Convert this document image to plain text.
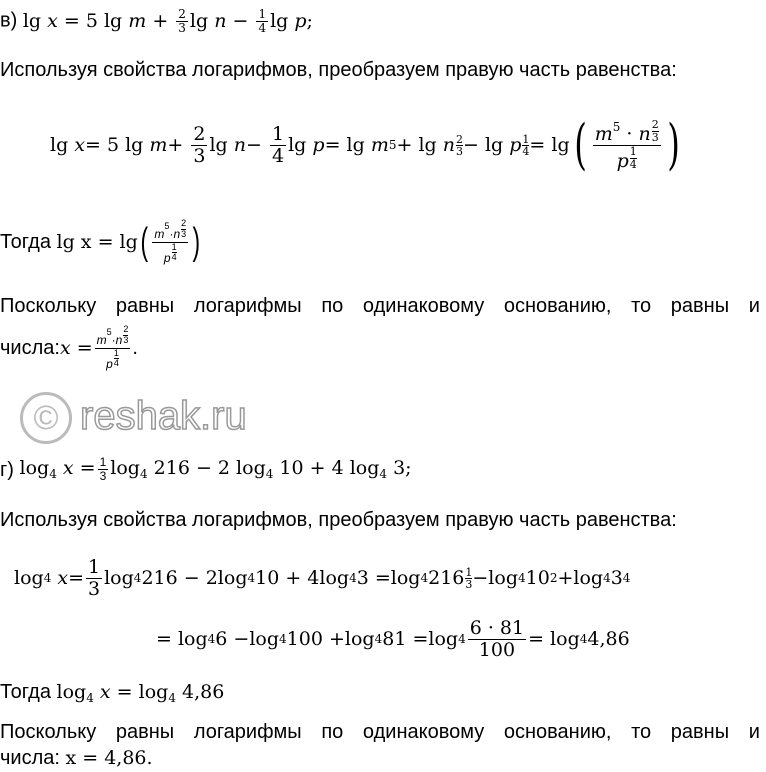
в) lg x = 5 $\lg m + \frac{2}{3}$ $\lg n - \frac{1}{4}$ lg p;
Используя свойства логарифмов, преобразуем правую часть равенства:
lg
x = 5 lg
m +
$\frac{2}{3}$ lg
n −
$\frac{1}{4}$ lg
p = lg
m 5 + lg
n 2
3 − lg
p 1
4 = lg ( $\frac{m^5 \cdot n \frac{2}{3}}{p \frac{1}{4}}$ )
Тогда
lg x = lg ( $\frac{m^5\cdot n \frac{2}{3}}{p \frac{1}{4}}$ )
Поскольку равны логарифмы по одинаковому основанию, то равны и
числа: $x = \frac{m^5\cdot n \frac{2}{3}}{p \frac{1}{4}}$ .
© reshak.ru
г)
$\log_4 x = \frac{1}{3} \log_4 216 - 2$ $\log_4 10 + 4$ $\log_4 3$;
Используя свойства логарифмов, преобразуем правую часть равенства:
log 4
$x = \frac{1}{3}$ log 4 216 − 2 log 4 10 + 4 log 4 3 = log 4 216 1
3 − log 4 10 2 + log 4 3 4
= log 4 6 − log 4 100 + log 4 $81 = \log 4 \frac{6 \cdot 81}{100} = \log 4$ 4,86
Тогда $\log_4 x = \log_4 4,86$
Поскольку равны логарифмы по одинаковому основанию, то равны и
числа: x = 4,86.
